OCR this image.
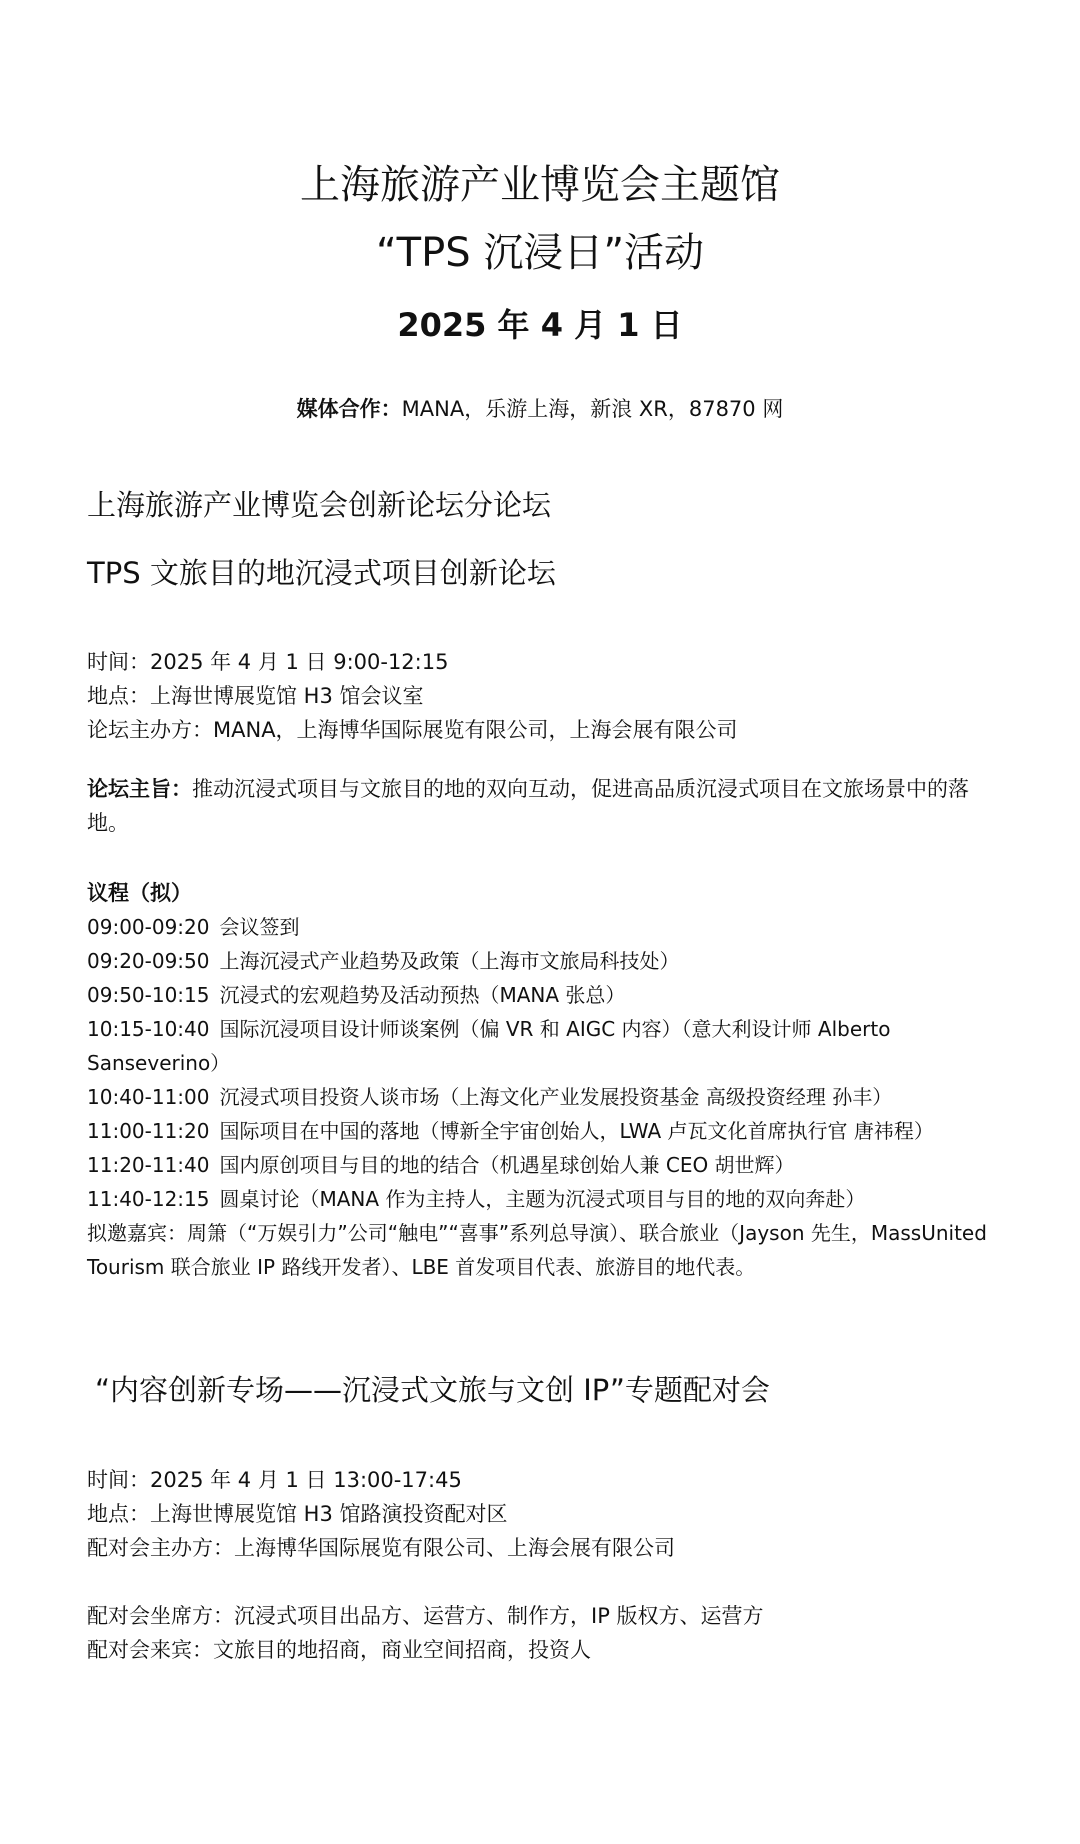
上海旅游产业博览会主题馆
“TPS 沉浸日”活动
2025 年 4 月 1 日
媒体合作：MANA，乐游上海，新浪 XR，87870 网
上海旅游产业博览会创新论坛分论坛
TPS 文旅目的地沉浸式项目创新论坛
时间：2025 年 4 月 1 日 9:00-12:15
地点：上海世博展览馆 H3 馆会议室
论坛主办方：MANA，上海博华国际展览有限公司，上海会展有限公司
论坛主旨：推动沉浸式项目与文旅目的地的双向互动，促进高品质沉浸式项目在文旅场景中的落地。
议程（拟）
09:00-09:20 会议签到
09:20-09:50 上海沉浸式产业趋势及政策（上海市文旅局科技处）
09:50-10:15 沉浸式的宏观趋势及活动预热（MANA 张总）
10:15-10:40 国际沉浸项目设计师谈案例（偏 VR 和 AIGC 内容）（意大利设计师 Alberto Sanseverino）
10:40-11:00 沉浸式项目投资人谈市场（上海文化产业发展投资基金 高级投资经理 孙丰）
11:00-11:20 国际项目在中国的落地（博新全宇宙创始人，LWA 卢瓦文化首席执行官 唐祎程）
11:20-11:40 国内原创项目与目的地的结合（机遇星球创始人兼 CEO 胡世辉）
11:40-12:15 圆桌讨论（MANA 作为主持人，主题为沉浸式项目与目的地的双向奔赴）
拟邀嘉宾：周箫（“万娱引力”公司“触电”“喜事”系列总导演）、联合旅业（Jayson 先生，MassUnited Tourism 联合旅业 IP 路线开发者）、LBE 首发项目代表、旅游目的地代表。
“内容创新专场——沉浸式文旅与文创 IP”专题配对会
时间：2025 年 4 月 1 日 13:00-17:45
地点：上海世博展览馆 H3 馆路演投资配对区
配对会主办方：上海博华国际展览有限公司、上海会展有限公司
配对会坐席方：沉浸式项目出品方、运营方、制作方，IP 版权方、运营方
配对会来宾：文旅目的地招商，商业空间招商，投资人
